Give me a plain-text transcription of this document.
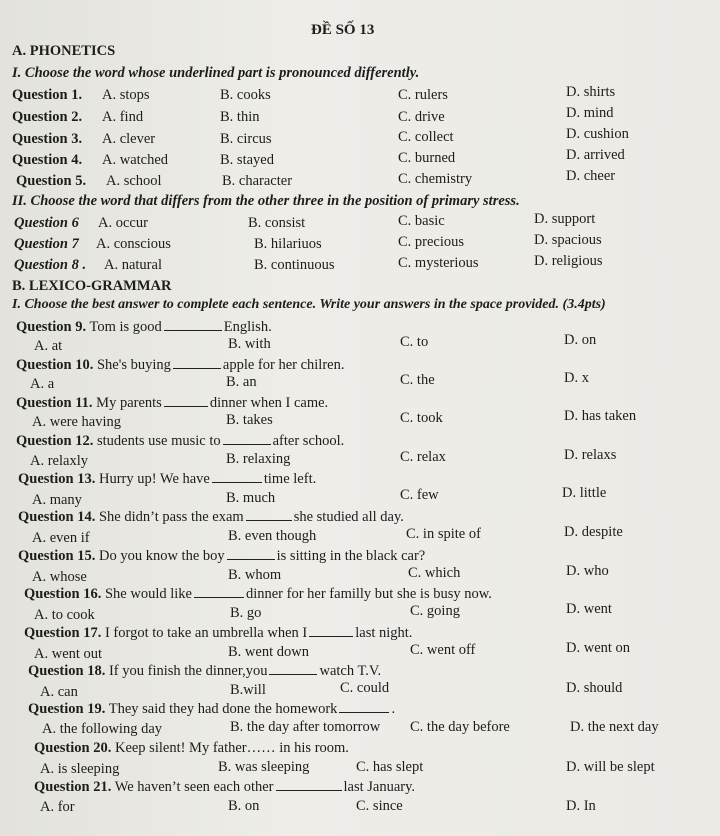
ĐỀ SỐ 13
A. PHONETICS
I. Choose the word whose underlined part is pronounced differently.
Question 1. A. stops	B. cooks	C. rulers	D. shirts
Question 2. A. find	B. thin	C. drive	D. mind
Question 3. A. clever	B. circus	C. collect	D. cushion
Question 4. A. watched	B. stayed	C. burned	D. arrived
Question 5. A. school	B. character	C. chemistry	D. cheer
II. Choose the word that differs from the other three in the position of primary stress.
Question 6 A. occur	B. consist	C. basic	D. support
Question 7 A. conscious	B. hilariuos	C. precious	D. spacious
Question 8 . A. natural	B. continuous	C. mysterious	D. religious
B. LEXICO-GRAMMAR
I. Choose the best answer to complete each sentence. Write your answers in the space provided. (3.4pts)
Question 9. Tom is good	English.
A. at	B. with	C. to	D. on
Question 10. She's buying	apple for her chilren.
A. a	B. an	C. the	D. x
Question 11. My parents	dinner when I came.
A. were having	B. takes	C. took	D. has taken
Question 12. students use music to	after school.
A. relaxly	B. relaxing	C. relax	D. relaxs
Question 13. Hurry up! We have	time left.
A. many	B. much	C. few	D. little
Question 14. She didn’t pass the exam	she studied all day.
A. even if	B. even though	C. in spite of	D. despite
Question 15. Do you know the boy	is sitting in the black car?
A. whose	B. whom	C. which	D. who
Question 16. She would like	dinner for her familly but she is busy now.
A. to cook	B. go	C. going	D. went
Question 17. I forgot to take an umbrella when I	last night.
A. went out	B. went down	C. went off	D. went on
Question 18. If you finish the dinner,you	watch T.V.
A. can	B.will	C. could	D. should
Question 19. They said they had done the homework	.
A. the following day	B. the day after tomorrow C. the day before	D. the next day
Question 20. Keep silent! My father…… in his room.
A. is sleeping	B. was sleeping	C. has slept	D. will be slept
Question 21. We haven’t seen each other	last January.
A. for	B. on	C. since	D. In
